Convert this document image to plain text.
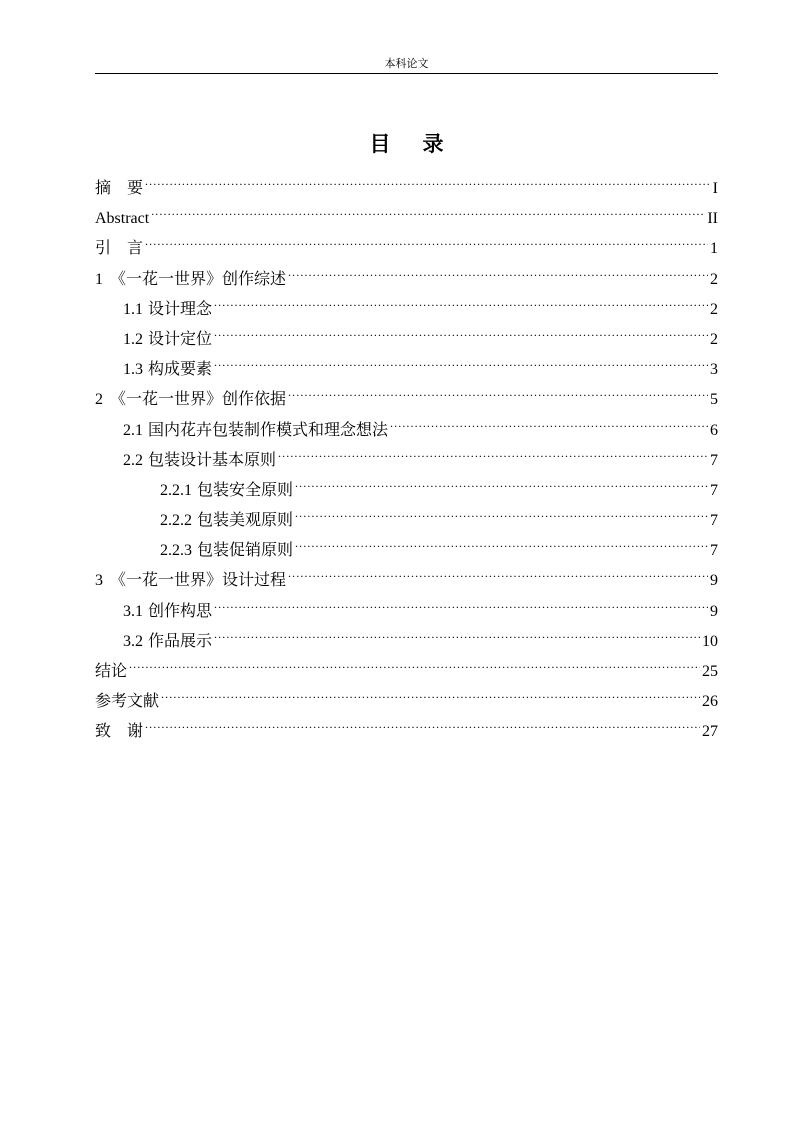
本科论文
目 录
摘　要 .....	I
Abstract .....	II
引　言 .....	1
1 《一花一世界》创作综述 .....	2
1.1 设计理念 .....	2
1.2 设计定位 .....	2
1.3 构成要素 .....	3
2 《一花一世界》创作依据 .....	5
2.1 国内花卉包装制作模式和理念想法 .....	6
2.2 包装设计基本原则 .....	7
2.2.1 包装安全原则 .....	7
2.2.2 包装美观原则 .....	7
2.2.3 包装促销原则 .....	7
3 《一花一世界》设计过程 .....	9
3.1 创作构思 .....	9
3.2 作品展示 .....	10
结论 .....	25
参考文献 .....	26
致　谢 .....	27
